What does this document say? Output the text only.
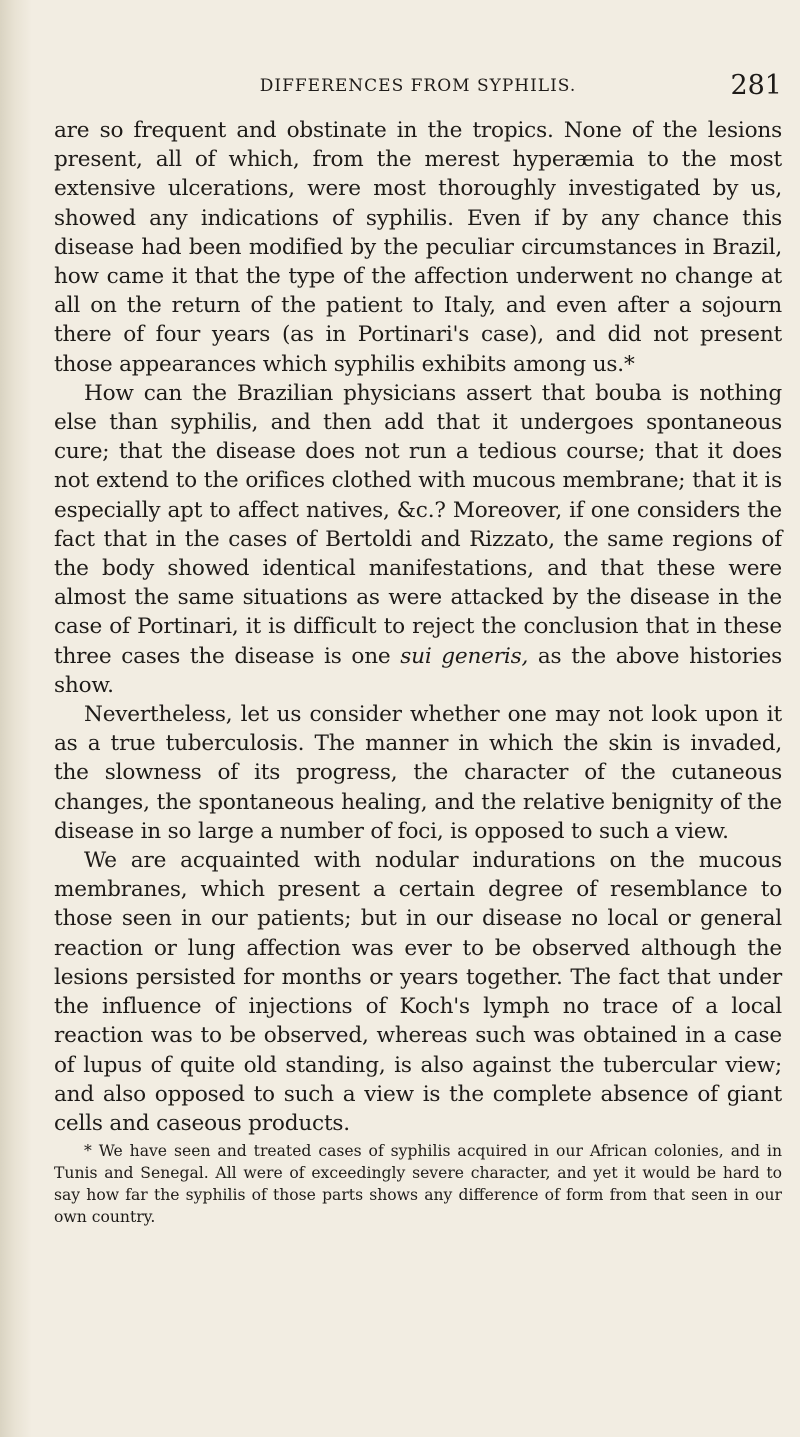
DIFFERENCES FROM SYPHILIS.	281

are so frequent and obstinate in the tropics. None of the lesions present, all of which, from the merest hyperæmia to the most extensive ulcerations, were most thoroughly investigated by us, showed any indications of syphilis. Even if by any chance this disease had been modified by the peculiar circumstances in Brazil, how came it that the type of the affection underwent no change at all on the return of the patient to Italy, and even after a sojourn there of four years (as in Portinari's case), and did not present those appearances which syphilis exhibits among us.*

How can the Brazilian physicians assert that bouba is nothing else than syphilis, and then add that it undergoes spontaneous cure; that the disease does not run a tedious course; that it does not extend to the orifices clothed with mucous membrane; that it is especially apt to affect natives, &c.? Moreover, if one considers the fact that in the cases of Bertoldi and Rizzato, the same regions of the body showed identical manifestations, and that these were almost the same situations as were attacked by the disease in the case of Portinari, it is difficult to reject the conclusion that in these three cases the disease is one sui generis, as the above histories show.

Nevertheless, let us consider whether one may not look upon it as a true tuberculosis. The manner in which the skin is invaded, the slowness of its progress, the character of the cutaneous changes, the spontaneous healing, and the relative benignity of the disease in so large a number of foci, is opposed to such a view.

We are acquainted with nodular indurations on the mucous membranes, which present a certain degree of resemblance to those seen in our patients; but in our disease no local or general reaction or lung affection was ever to be observed although the lesions persisted for months or years together. The fact that under the influence of injections of Koch's lymph no trace of a local reaction was to be observed, whereas such was obtained in a case of lupus of quite old standing, is also against the tubercular view; and also opposed to such a view is the complete absence of giant cells and caseous products.

* We have seen and treated cases of syphilis acquired in our African colonies, and in Tunis and Senegal. All were of exceedingly severe character, and yet it would be hard to say how far the syphilis of those parts shows any difference of form from that seen in our own country.
